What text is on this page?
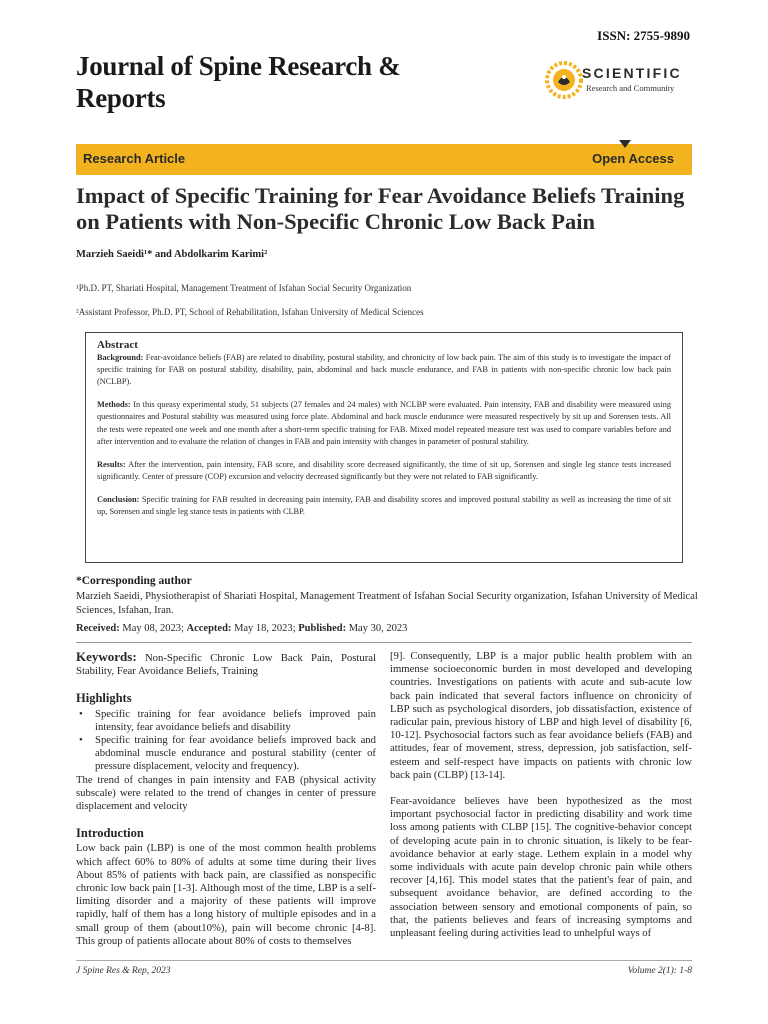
ISSN: 2755-9890
Journal of Spine Research & Reports
SCIENTIFIC
Research and Community
Research Article	Open Access
Impact of Specific Training for Fear Avoidance Beliefs Training on Patients with Non-Specific Chronic Low Back Pain
Marzieh Saeidi¹* and Abdolkarim Karimi²
¹Ph.D. PT, Shariati Hospital, Management Treatment of Isfahan Social Security Organization
²Assistant Professor, Ph.D. PT, School of Rehabilitation, Isfahan University of Medical Sciences
Abstract

Background: Fear-avoidance beliefs (FAB) are related to disability, postural stability, and chronicity of low back pain. The aim of this study is to investigate the impact of specific training for FAB on postural stability, disability, pain, abdominal and back muscle endurance, and FAB in patients with non-specific chronic low back pain (NCLBP).

Methods: In this queasy experimental study, 51 subjects (27 females and 24 males) with NCLBP were evaluated. Pain intensity, FAB and disability were measured using questionnaires and Postural stability was measured using force plate. Abdominal and back muscle endurance were measured respectively by sit up and Sorensen tests. All the tests were repeated one week and one month after a short-term specific training for FAB. Mixed model repeated measure test was used to compare variables before and after intervention and to evaluate the relation of changes in FAB and pain intensity with changes in parameter of postural stability.

Results: After the intervention, pain intensity, FAB score, and disability score decreased significantly, the time of sit up, Sorensen and single leg stance tests increased significantly. Center of pressure (COP) excursion and velocity decreased significantly but they were not related to FAB significantly.

Conclusion: Specific training for FAB resulted in decreasing pain intensity, FAB and disability scores and improved postural stability as well as increasing the time of sit up, Sorensen and single leg stance tests in patients with CLBP.

*Corresponding author
Marzieh Saeidi, Physiotherapist of Shariati Hospital, Management Treatment of Isfahan Social Security organization, Isfahan University of Medical Sciences, Isfahan, Iran.
Received: May 08, 2023; Accepted: May 18, 2023; Published: May 30, 2023
Keywords: Non-Specific Chronic Low Back Pain, Postural Stability, Fear Avoidance Beliefs, Training
Highlights
• Specific training for fear avoidance beliefs improved pain intensity, fear avoidance beliefs and disability
• Specific training for fear avoidance beliefs improved back and abdominal muscle endurance and postural stability (center of pressure displacement, velocity and frequency).
The trend of changes in pain intensity and FAB (physical activity subscale) were related to the trend of changes in center of pressure displacement and velocity
Introduction
Low back pain (LBP) is one of the most common health problems which affect 60% to 80% of adults at some time during their lives About 85% of patients with back pain, are classified as nonspecific chronic low back pain [1-3]. Although most of the time, LBP is a self-limiting disorder and a majority of these patients will improve rapidly, half of them has a long history of multiple episodes and in a small group of them (about10%), pain will become chronic [4-8]. This group of patients allocate about 80% of costs to themselves
[9]. Consequently, LBP is a major public health problem with an immense socioeconomic burden in most developed and developing countries. Investigations on patients with acute and sub-acute low back pain indicated that several factors influence on chronicity of LBP such as psychological disorders, job dissatisfaction, existence of radicular pain, previous history of LBP and high level of disability [6, 10-12]. Psychosocial factors such as fear avoidance beliefs (FAB) and attitudes, fear of movement, stress, depression, job satisfaction, self-esteem and self-respect have impacts on patients with chronic low back pain (CLBP) [13-14].
Fear-avoidance believes have been hypothesized as the most important psychosocial factor in predicting disability and work time loss among patients with CLBP [15]. The cognitive-behavior concept of developing acute pain in to chronic situation, is likely to be fear-avoidance behavior at early stage. Lethem explain in a model why some individuals with acute pain develop chronic pain while others recover [4,16]. This model states that the patient's fear of pain, and subsequent avoidance behavior, are defined according to the association between sensory and emotional components of pain, so that, the patients believes and fears of increasing symptoms and unpleasant feeling during activities lead to unhelpful ways of
J Spine Res & Rep, 2023	Volume 2(1): 1-8
